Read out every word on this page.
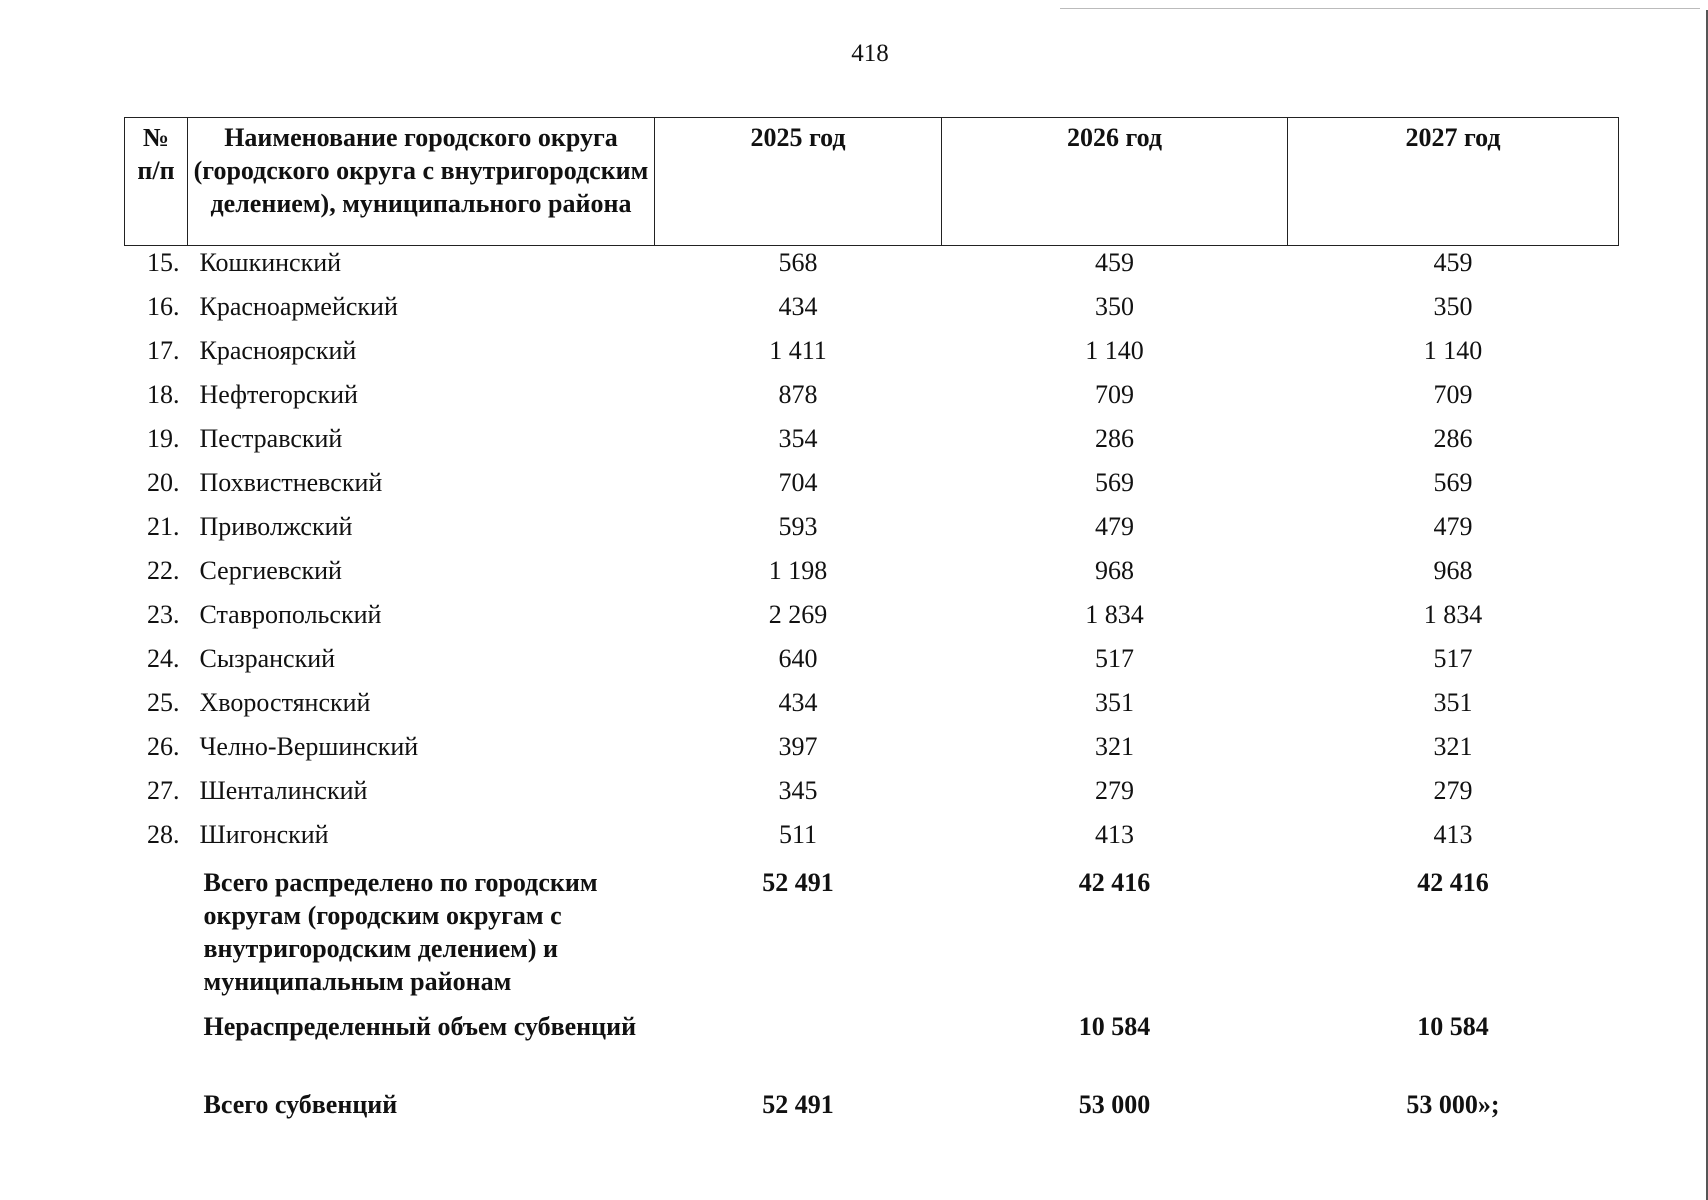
418
№ п/п	Наименование городского округа (городского округа с внутригородским делением), муниципального района	2025 год	2026 год	2027 год
15.	Кошкинский	568	459	459
16.	Красноармейский	434	350	350
17.	Красноярский	1 411	1 140	1 140
18.	Нефтегорский	878	709	709
19.	Пестравский	354	286	286
20.	Похвистневский	704	569	569
21.	Приволжский	593	479	479
22.	Сергиевский	1 198	968	968
23.	Ставропольский	2 269	1 834	1 834
24.	Сызранский	640	517	517
25.	Хворостянский	434	351	351
26.	Челно-Вершинский	397	321	321
27.	Шенталинский	345	279	279
28.	Шигонский	511	413	413
	Всего распределено по городским округам (городским округам с внутригородским делением) и муниципальным районам	52 491	42 416	42 416
	Нераспределенный объем субвенций		10 584	10 584
	Всего субвенций	52 491	53 000	53 000»;
